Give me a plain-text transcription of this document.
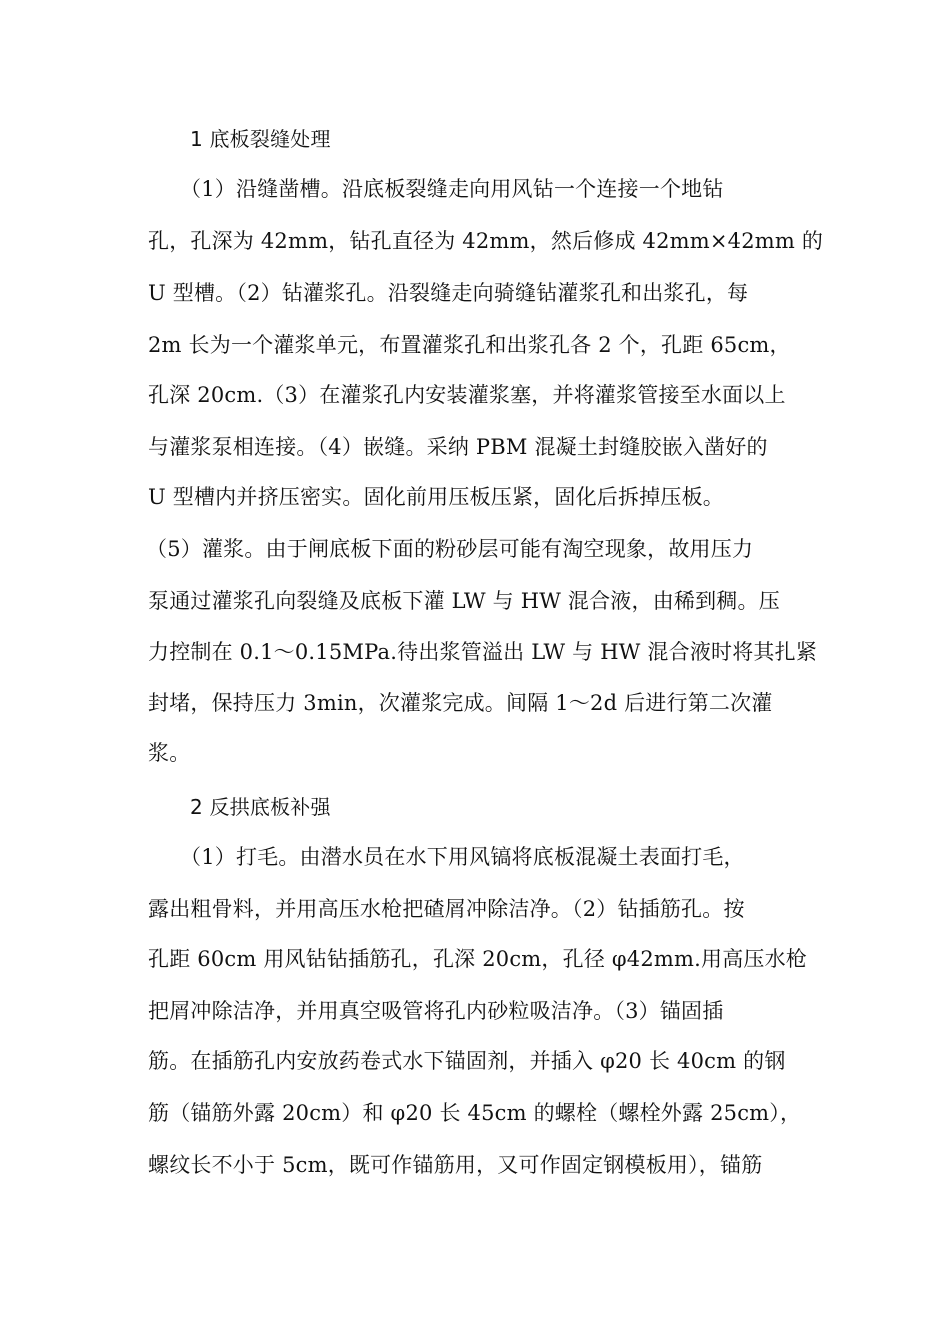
1 底板裂缝处理
（1）沿缝凿槽。沿底板裂缝走向用风钻一个连接一个地钻
孔，孔深为 42mm，钻孔直径为 42mm，然后修成 42mm×42mm 的
U 型槽。（2）钻灌浆孔。沿裂缝走向骑缝钻灌浆孔和出浆孔，每
2m 长为一个灌浆单元，布置灌浆孔和出浆孔各 2 个，孔距 65cm，
孔深 20cm.（3）在灌浆孔内安装灌浆塞，并将灌浆管接至水面以上
与灌浆泵相连接。（4）嵌缝。采纳 PBM 混凝土封缝胶嵌入凿好的
U 型槽内并挤压密实。固化前用压板压紧，固化后拆掉压板。
（5）灌浆。由于闸底板下面的粉砂层可能有淘空现象，故用压力
泵通过灌浆孔向裂缝及底板下灌 LW 与 HW 混合液，由稀到稠。压
力控制在 0.1～0.15MPa.待出浆管溢出 LW 与 HW 混合液时将其扎紧
封堵，保持压力 3min，次灌浆完成。间隔 1～2d 后进行第二次灌
浆。
2 反拱底板补强
（1）打毛。由潜水员在水下用风镐将底板混凝土表面打毛，
露出粗骨料，并用高压水枪把碴屑冲除洁净。（2）钻插筋孔。按
孔距 60cm 用风钻钻插筋孔，孔深 20cm，孔径 φ42mm.用高压水枪
把屑冲除洁净，并用真空吸管将孔内砂粒吸洁净。（3）锚固插
筋。在插筋孔内安放药卷式水下锚固剂，并插入 φ20 长 40cm 的钢
筋（锚筋外露 20cm）和 φ20 长 45cm 的螺栓（螺栓外露 25cm），
螺纹长不小于 5cm，既可作锚筋用，又可作固定钢模板用），锚筋
